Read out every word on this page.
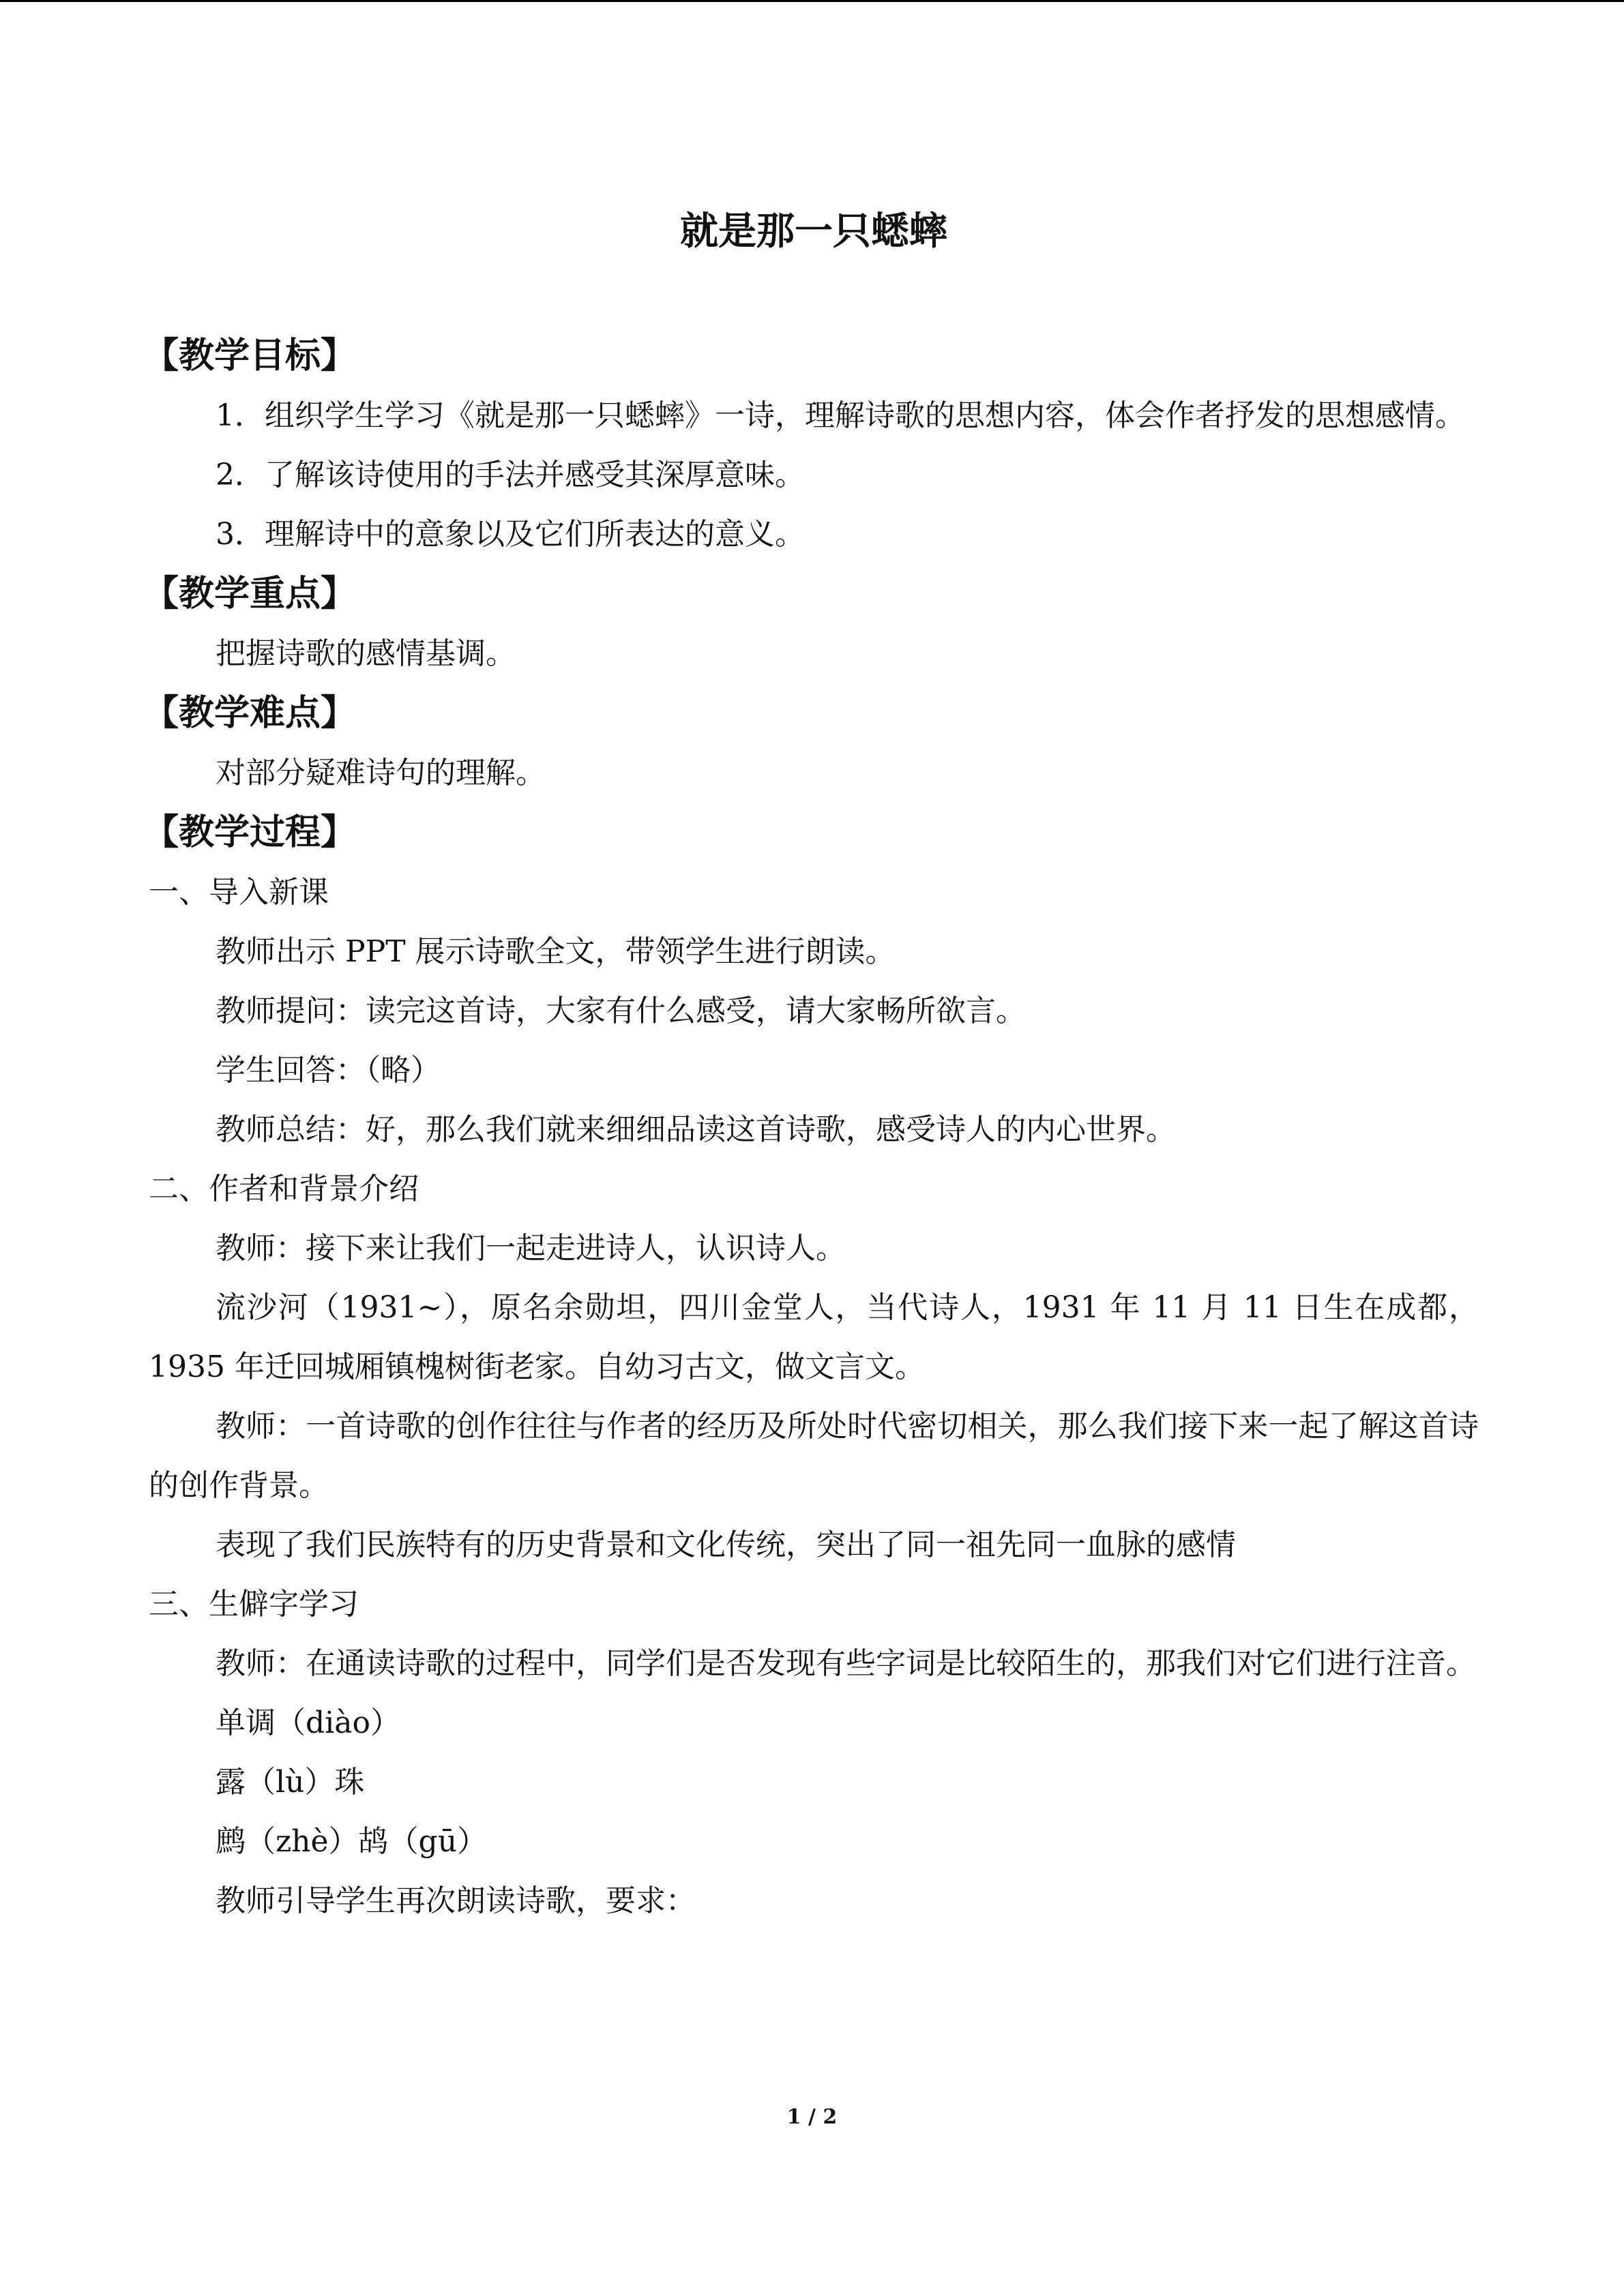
就是那一只蟋蟀
【教学目标】

1．组织学生学习《就是那一只蟋蟀》一诗，理解诗歌的思想内容，体会作者抒发的思想感情。

2．了解该诗使用的手法并感受其深厚意味。

3．理解诗中的意象以及它们所表达的意义。

【教学重点】

把握诗歌的感情基调。

【教学难点】

对部分疑难诗句的理解。

【教学过程】

一、导入新课

教师出示 PPT 展示诗歌全文，带领学生进行朗读。

教师提问：读完这首诗，大家有什么感受，请大家畅所欲言。

学生回答：（略）

教师总结：好，那么我们就来细细品读这首诗歌，感受诗人的内心世界。

二、作者和背景介绍

教师：接下来让我们一起走进诗人，认识诗人。

流沙河（1931~），原名余勋坦，四川金堂人，当代诗人，1931 年 11 月 11 日生在成都，1935 年迁回城厢镇槐树街老家。自幼习古文，做文言文。

教师：一首诗歌的创作往往与作者的经历及所处时代密切相关，那么我们接下来一起了解这首诗的创作背景。

表现了我们民族特有的历史背景和文化传统，突出了同一祖先同一血脉的感情

三、生僻字学习

教师：在通读诗歌的过程中，同学们是否发现有些字词是比较陌生的，那我们对它们进行注音。

单调（diào）

露（lù）珠

鹧（zhè）鸪（gū）

教师引导学生再次朗读诗歌，要求：

1 / 2
